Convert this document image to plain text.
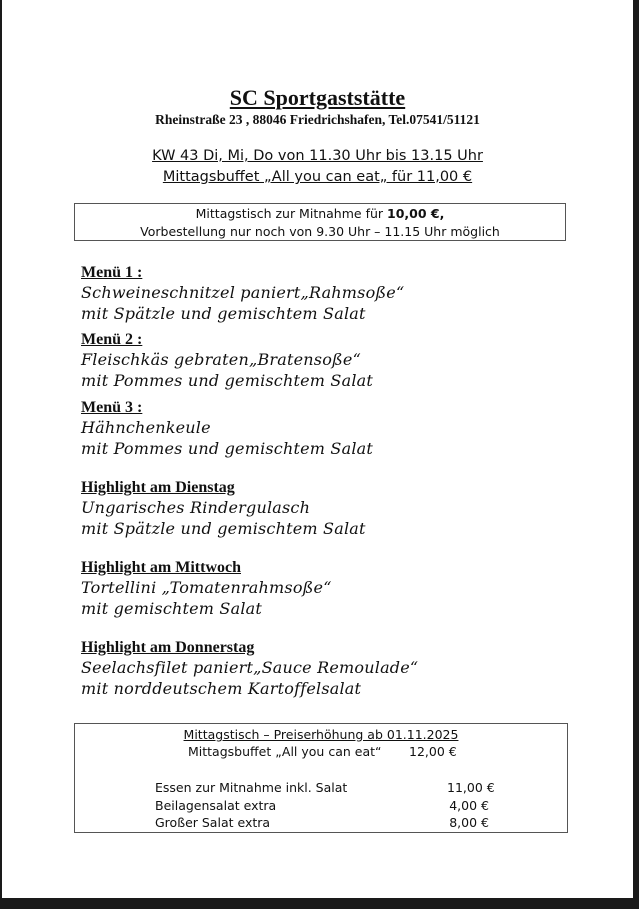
SC Sportgaststätte
Rheinstraße 23 , 88046 Friedrichshafen, Tel.07541/51121
KW 43 Di, Mi, Do von 11.30 Uhr bis 13.15 Uhr
Mittagsbuffet „All you can eat„ für 11,00 €
Mittagstisch zur Mitnahme für 10,00 €,
Vorbestellung nur noch von 9.30 Uhr – 11.15 Uhr möglich
Menü 1 :
Schweineschnitzel paniert„Rahmsoße“
mit Spätzle und gemischtem Salat
Menü 2 :
Fleischkäs gebraten„Bratensoße“
mit Pommes und gemischtem Salat
Menü 3 :
Hähnchenkeule
mit Pommes und gemischtem Salat
Highlight am Dienstag
Ungarisches Rindergulasch
mit Spätzle und gemischtem Salat
Highlight am Mittwoch
Tortellini „Tomatenrahmsoße“
mit gemischtem Salat
Highlight am Donnerstag
Seelachsfilet paniert„Sauce Remoulade“
mit norddeutschem Kartoffelsalat
Mittagstisch – Preiserhöhung ab 01.11.2025
Mittagsbuffet „All you can eat“ 12,00 €
Essen zur Mitnahme inkl. Salat	11,00 €
Beilagensalat extra	4,00 €
Großer Salat extra	8,00 €
